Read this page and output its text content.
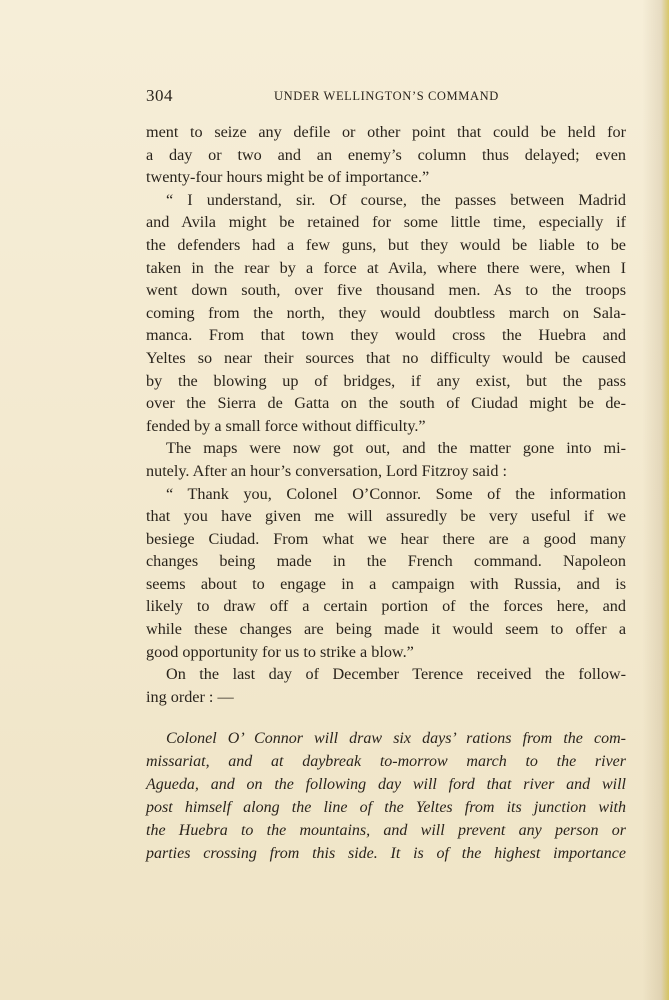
304	UNDER WELLINGTON’S COMMAND
ment to seize any defile or other point that could be held for
a day or two and an enemy’s column thus delayed; even
twenty-four hours might be of importance.”
“ I understand, sir. Of course, the passes between Madrid
and Avila might be retained for some little time, especially if
the defenders had a few guns, but they would be liable to be
taken in the rear by a force at Avila, where there were, when I
went down south, over five thousand men. As to the troops
coming from the north, they would doubtless march on Sala-
manca. From that town they would cross the Huebra and
Yeltes so near their sources that no difficulty would be caused
by the blowing up of bridges, if any exist, but the pass
over the Sierra de Gatta on the south of Ciudad might be de-
fended by a small force without difficulty.”
The maps were now got out, and the matter gone into mi-
nutely. After an hour’s conversation, Lord Fitzroy said :
“ Thank you, Colonel O’Connor. Some of the information
that you have given me will assuredly be very useful if we
besiege Ciudad. From what we hear there are a good many
changes being made in the French command. Napoleon
seems about to engage in a campaign with Russia, and is
likely to draw off a certain portion of the forces here, and
while these changes are being made it would seem to offer a
good opportunity for us to strike a blow.”
On the last day of December Terence received the follow-
ing order : —
Colonel O’ Connor will draw six days’ rations from the com-
missariat, and at daybreak to-morrow march to the river
Agueda, and on the following day will ford that river and will
post himself along the line of the Yeltes from its junction with
the Huebra to the mountains, and will prevent any person or
parties crossing from this side. It is of the highest importance
